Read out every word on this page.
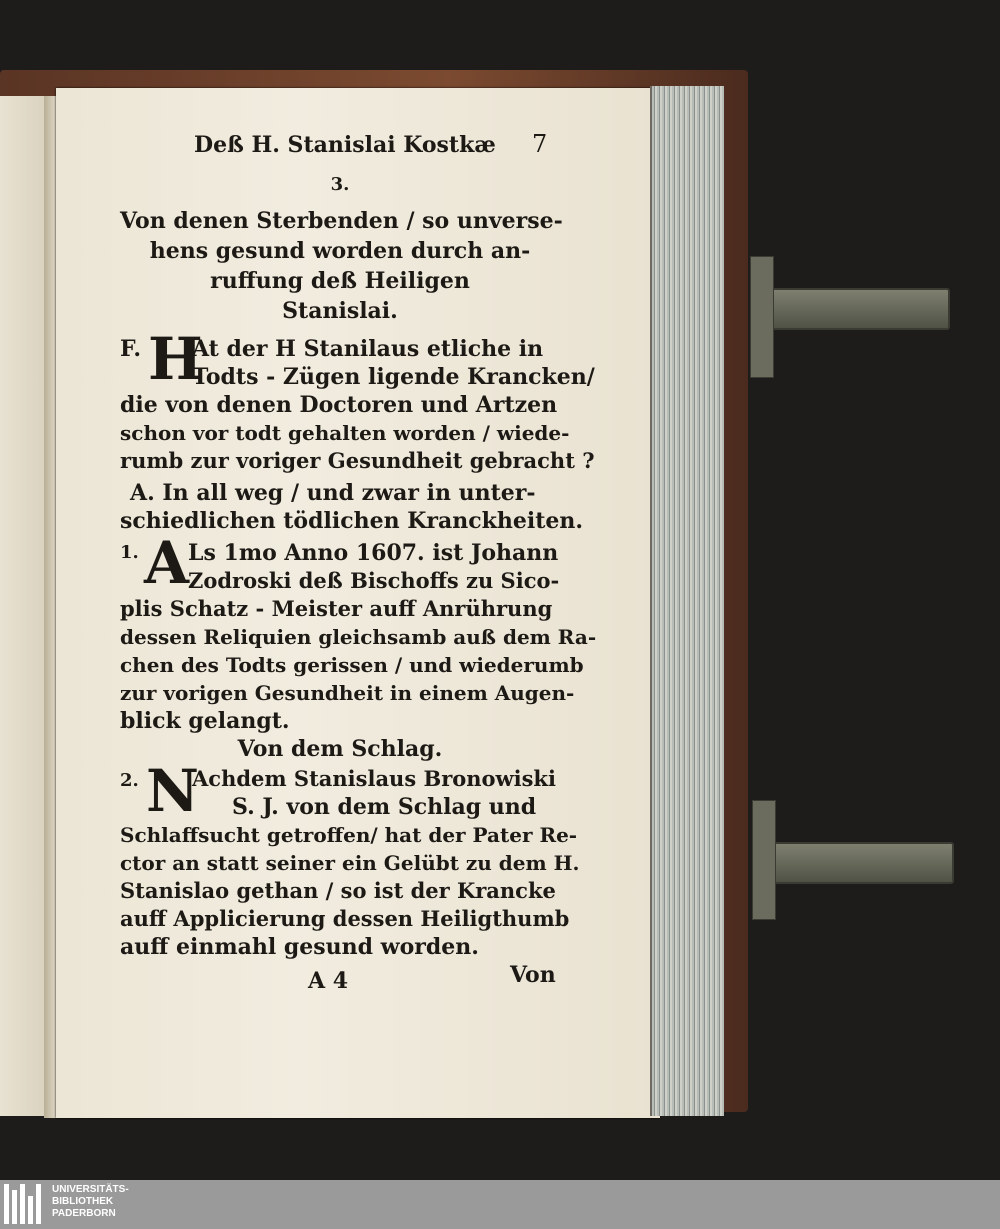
7
Deß H. Stanislai Kostkæ
3.
Von denen Sterbenden / so unverse-
hens gesund worden durch an-
ruffung deß Heiligen
Stanislai.
F. H
At der H Stanilaus etliche in
Todts - Zügen ligende Krancken/
die von denen Doctoren und Artzen
schon vor todt gehalten worden / wiede-
rumb zur voriger Gesundheit gebracht ?
A. In all weg / und zwar in unter-
schiedlichen tödlichen Kranckheiten.
1. A
Ls 1mo Anno 1607. ist Johann
Zodroski deß Bischoffs zu Sico-
plis Schatz - Meister auff Anrührung
dessen Reliquien gleichsamb auß dem Ra-
chen des Todts gerissen / und wiederumb
zur vorigen Gesundheit in einem Augen-
blick gelangt.
Von dem Schlag.
2. N
Achdem Stanislaus Bronowiski
S. J. von dem Schlag und
Schlaffsucht getroffen/ hat der Pater Re-
ctor an statt seiner ein Gelübt zu dem H.
Stanislao gethan / so ist der Krancke
auff Applicierung dessen Heiligthumb
auff einmahl gesund worden.
A 4	Von
UNIVERSITÄTS-
BIBLIOTHEK
PADERBORN
